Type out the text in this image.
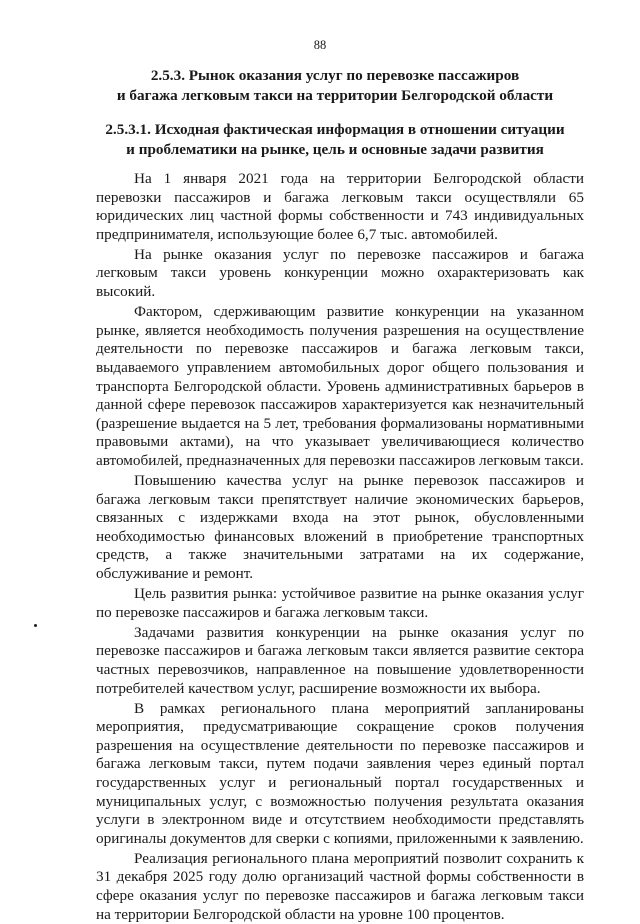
88
2.5.3. Рынок оказания услуг по перевозке пассажиров
и багажа легковым такси на территории Белгородской области
2.5.3.1. Исходная фактическая информация в отношении ситуации
и проблематики на рынке, цель и основные задачи развития

На 1 января 2021 года на территории Белгородской области перевозки пассажиров и багажа легковым такси осуществляли 65 юридических лиц частной формы собственности и 743 индивидуальных предпринимателя, использующие более 6,7 тыс. автомобилей.

На рынке оказания услуг по перевозке пассажиров и багажа легковым такси уровень конкуренции можно охарактеризовать как высокий.

Фактором, сдерживающим развитие конкуренции на указанном рынке, является необходимость получения разрешения на осуществление деятельности по перевозке пассажиров и багажа легковым такси, выдаваемого управлением автомобильных дорог общего пользования и транспорта Белгородской области. Уровень административных барьеров в данной сфере перевозок пассажиров характеризуется как незначительный (разрешение выдается на 5 лет, требования формализованы нормативными правовыми актами), на что указывает увеличивающиеся количество автомобилей, предназначенных для перевозки пассажиров легковым такси.

Повышению качества услуг на рынке перевозок пассажиров и багажа легковым такси препятствует наличие экономических барьеров, связанных с издержками входа на этот рынок, обусловленными необходимостью финансовых вложений в приобретение транспортных средств, а также значительными затратами на их содержание, обслуживание и ремонт.

Цель развития рынка: устойчивое развитие на рынке оказания услуг по перевозке пассажиров и багажа легковым такси.

Задачами развития конкуренции на рынке оказания услуг по перевозке пассажиров и багажа легковым такси является развитие сектора частных перевозчиков, направленное на повышение удовлетворенности потребителей качеством услуг, расширение возможности их выбора.

В рамках регионального плана мероприятий запланированы мероприятия, предусматривающие сокращение сроков получения разрешения на осуществление деятельности по перевозке пассажиров и багажа легковым такси, путем подачи заявления через единый портал государственных услуг и региональный портал государственных и муниципальных услуг, с возможностью получения результата оказания услуги в электронном виде и отсутствием необходимости представлять оригиналы документов для сверки с копиями, приложенными к заявлению.

Реализация регионального плана мероприятий позволит сохранить к 31 декабря 2025 году долю организаций частной формы собственности в сфере оказания услуг по перевозке пассажиров и багажа легковым такси на территории Белгородской области на уровне 100 процентов.
